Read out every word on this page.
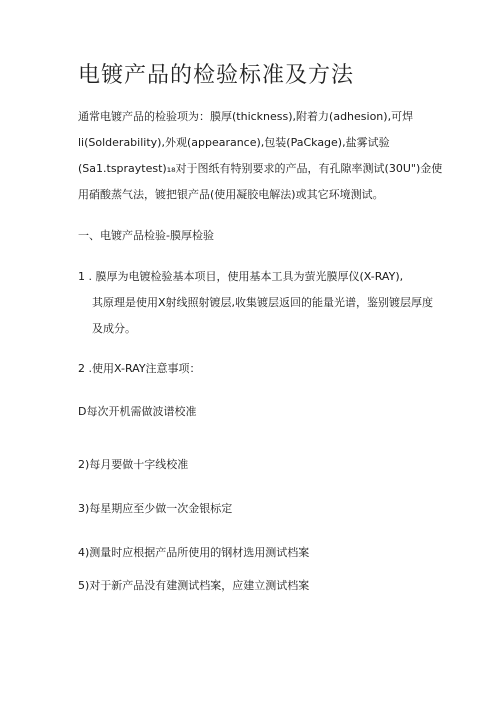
电镀产品的检验标准及方法

通常电镀产品的检验项为：膜厚(thickness),附着力(adhesion),可焊

li(Solderability),外观(appearance),包装(PaCkage),盐雾试验

(Sa1.tspraytest)₁₈对于图纸有特别要求的产品，有孔隙率测试(30U")金使

用硝酸蒸气法，镀把银产品(使用凝胶电解法)或其它环境测试。

一、电镀产品检验-膜厚检验

1 . 膜厚为电镀检验基本项目，使用基本工具为萤光膜厚仪(X-RAY),

其原理是使用X射线照射镀层,收集镀层返回的能量光谱，鉴别镀层厚度

及成分。

2 .使用X-RAY注意事项：

D每次开机需做波谱校准

2)每月要做十字线校准

3)每星期应至少做一次金银标定

4)测量时应根据产品所使用的钢材选用测试档案

5)对于新产品没有建测试档案，应建立测试档案
